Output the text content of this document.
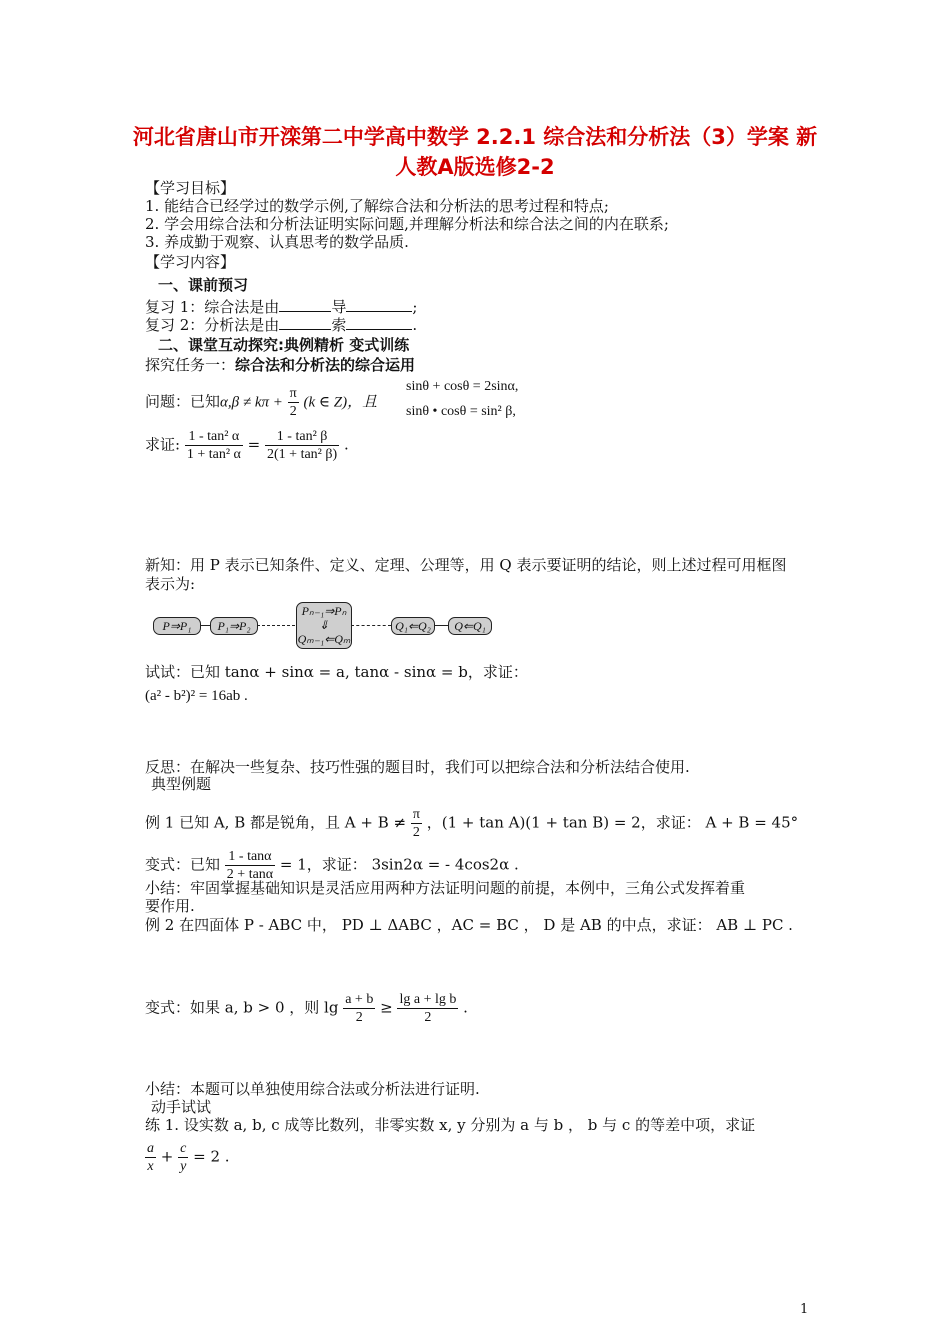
河北省唐山市开滦第二中学高中数学 2.2.1 综合法和分析法（3）学案 新人教A版选修2-2
【学习目标】
1. 能结合已经学过的数学示例,了解综合法和分析法的思考过程和特点;
2. 学会用综合法和分析法证明实际问题,并理解分析法和综合法之间的内在联系;
3. 养成勤于观察、认真思考的数学品质.
【学习内容】
一、课前预习
复习 1：综合法是由	导	;
复习 2：分析法是由	索	.
二、课堂互动探究:典例精析 变式训练
探究任务一：综合法和分析法的综合运用
sinθ + cosθ = 2sinα,
问题：已知$\alpha,\beta \ne k\pi + \frac{\pi}{2} (k$ ∈ Z)，且
sinθ • cosθ = sin² β,
求证: $\frac{\text{1 - tan² α}}{\text{1 + tan² α}} = \frac{\text{1 - tan² β}}{\text{2(1 + tan² β)}}$ .
新知：用 P 表示已知条件、定义、定理、公理等，用 Q 表示要证明的结论，则上述过程可用框图
表示为:
P⇒P₁	P₁⇒P₂
Pₙ₋₁⇒Pₙ
⇓
Qₘ₋₁⇐Qₘ
Q₁⇐Q₂	Q⇐Q₁
试试：已知 tanα + sinα = a, tanα - sinα = b，求证：
(a² - b²)² = 16ab .
反思：在解决一些复杂、技巧性强的题目时，我们可以把综合法和分析法结合使用.
典型例题
例 1 已知 A, B 都是锐角，且 $A + B \ne \frac{\pi}{2}$ ，(1 + tan A)(1 + tan B) = 2，求证： A + B = 45°
变式：已知 $\frac{1 - \tan\alpha}{2 + \tan\alpha} = 1$，求证： 3sin2α = - 4cos2α .
小结：牢固掌握基础知识是灵活应用两种方法证明问题的前提，本例中，三角公式发挥着重
要作用.
例 2 在四面体 P - ABC 中， PD ⊥ ΔABC ，AC = BC ， D 是 AB 的中点，求证： AB ⊥ PC .
变式：如果 a, b > 0 ，则 $\lg \frac{a + b}{2} \ge \frac{\text{lg a + lg b}}{2}$ .
小结：本题可以单独使用综合法或分析法进行证明.
动手试试
练 1. 设实数 a, b, c 成等比数列，非零实数 x, y 分别为 a 与 b ， b 与 c 的等差中项，求证
$\frac{a}{x} + \frac{c}{y} = 2$ .
1
